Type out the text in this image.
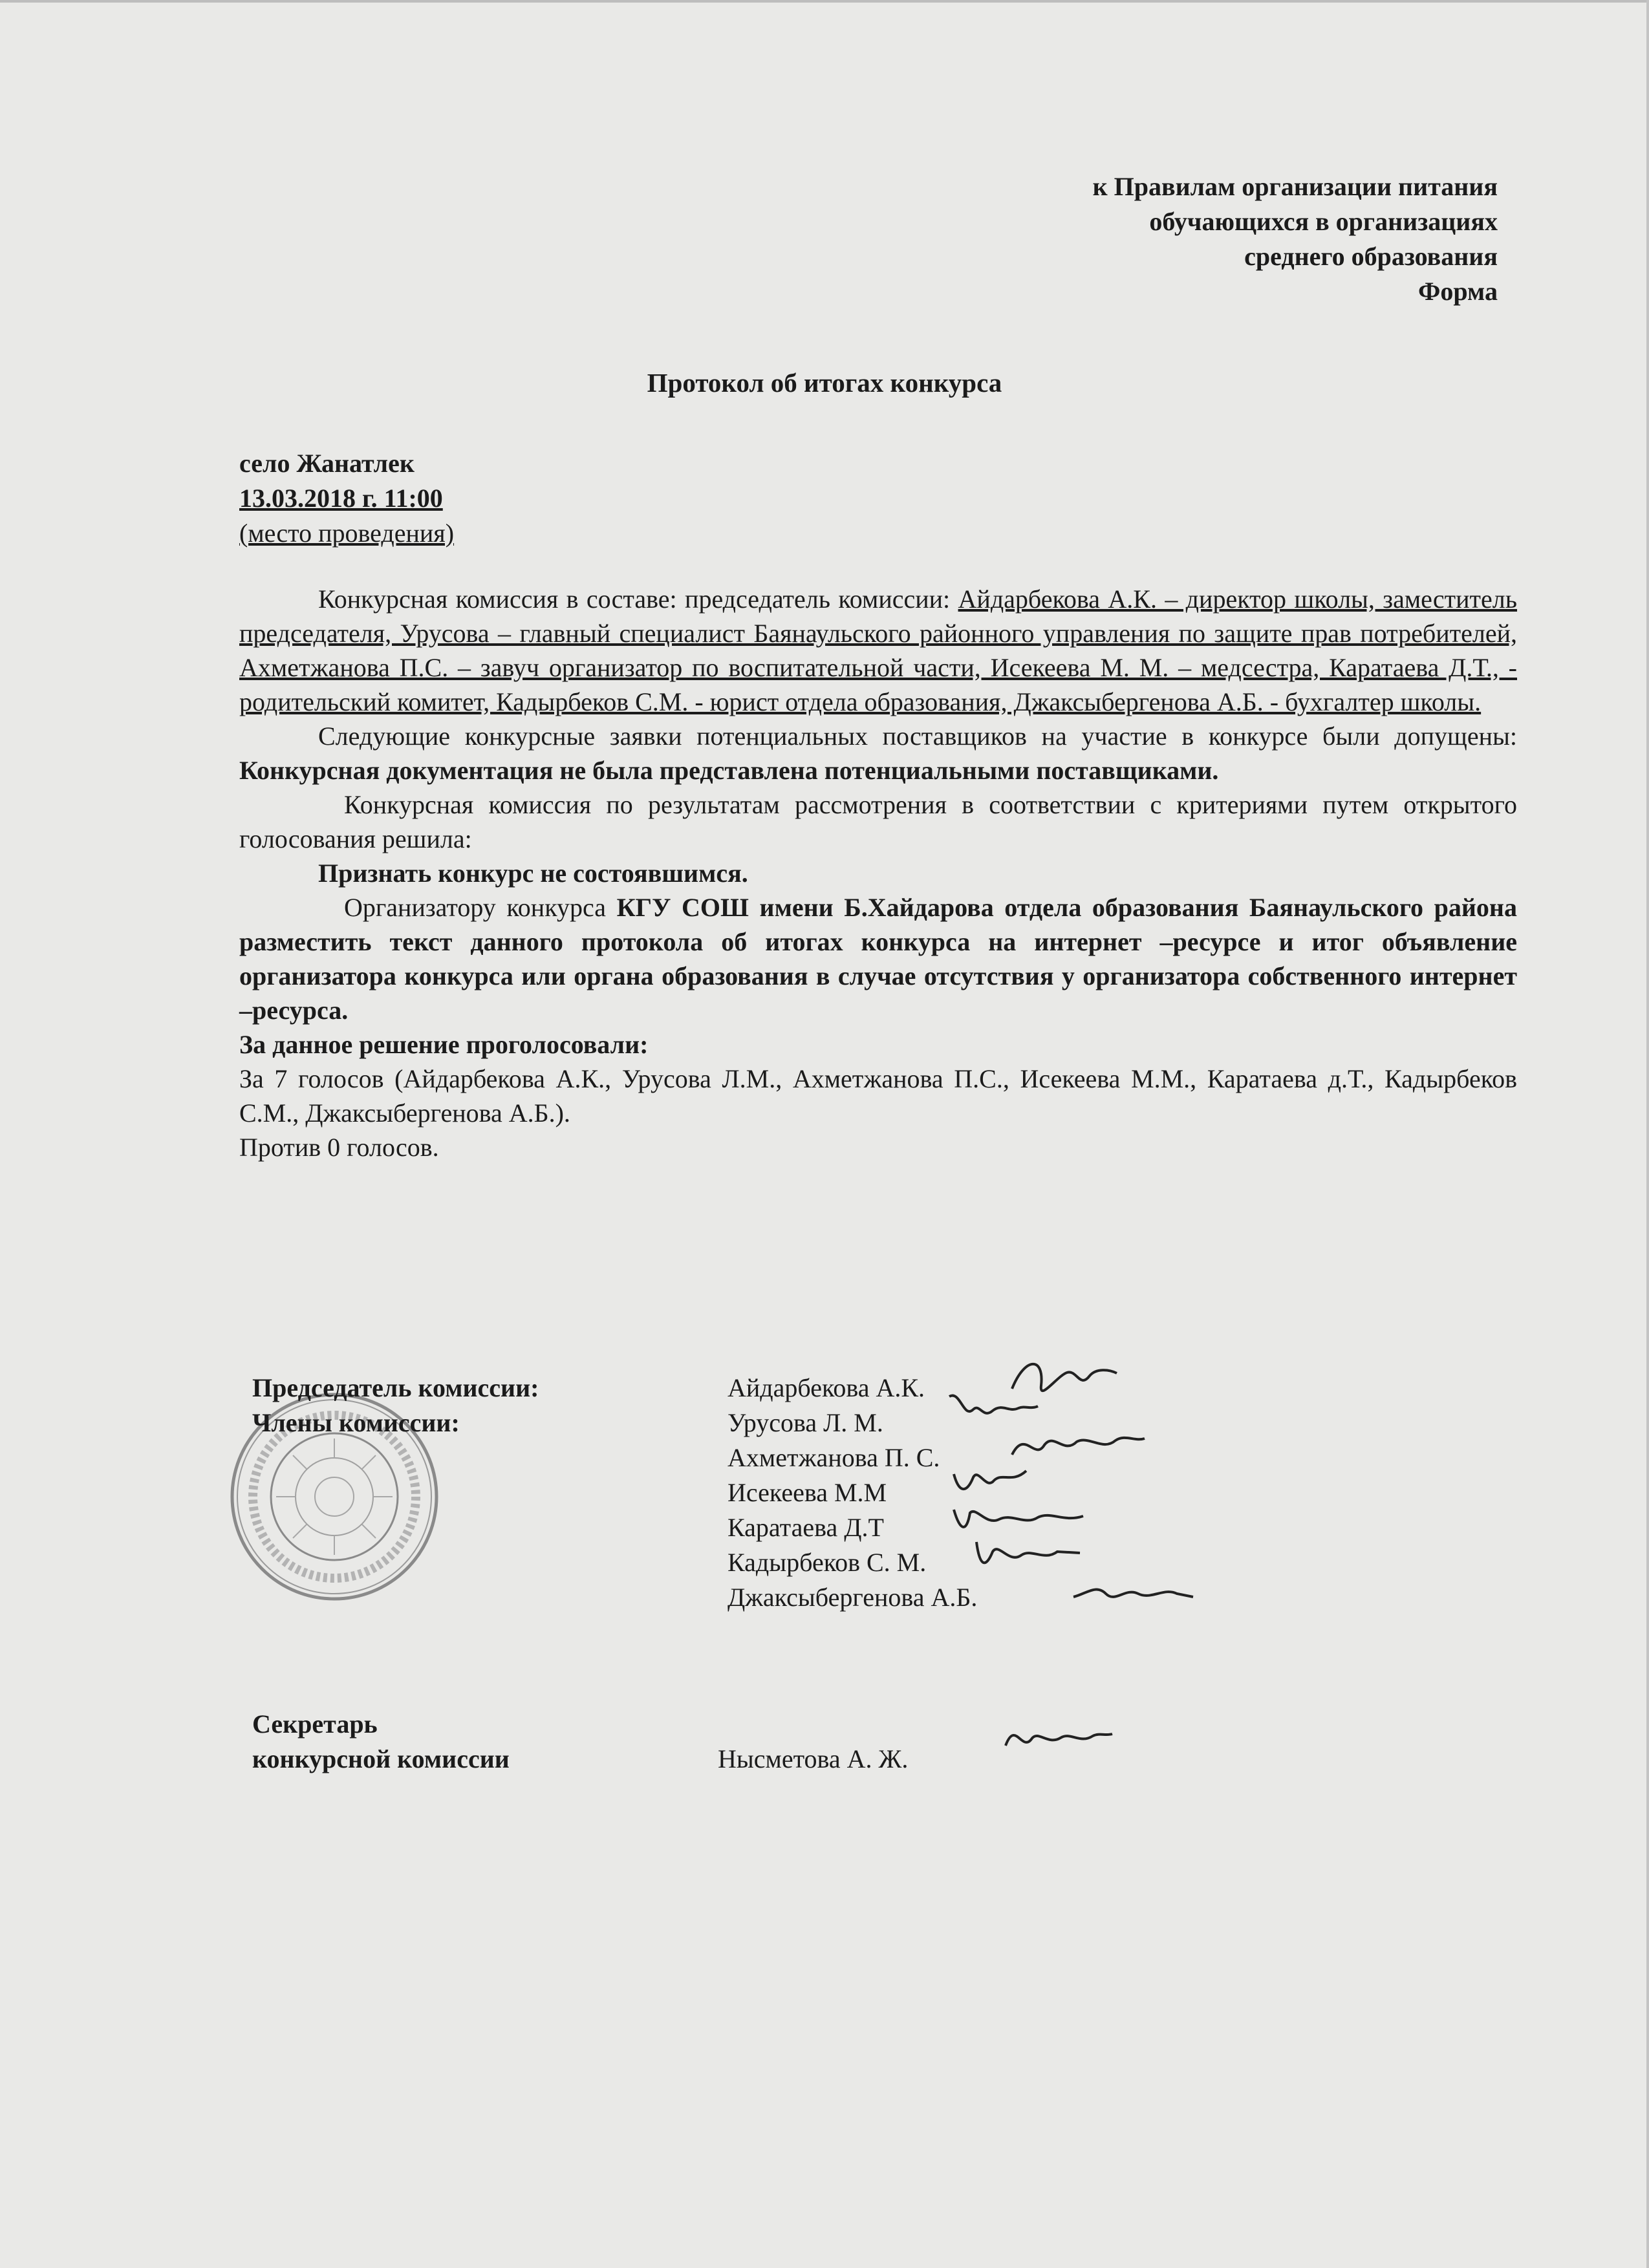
к Правилам организации питания
обучающихся в организациях
среднего образования
Форма
Протокол об итогах конкурса
село Жанатлек
13.03.2018 г. 11:00
(место проведения)

Конкурсная комиссия в составе: председатель комиссии: Айдарбекова А.К. – директор школы, заместитель председателя, Урусова – главный специалист Баянаульского районного управления по защите прав потребителей, Ахметжанова П.С. – завуч организатор по воспитательной части, Исекеева М. М. – медсестра, Каратаева Д.Т., - родительский комитет, Кадырбеков С.М. - юрист отдела образования, Джаксыбергенова А.Б. - бухгалтер школы.

Следующие конкурсные заявки потенциальных поставщиков на участие в конкурсе были допущены: Конкурсная документация не была представлена потенциальными поставщиками.

Конкурсная комиссия по результатам рассмотрения в соответствии с критериями путем открытого голосования решила:

Признать конкурс не состоявшимся.

Организатору конкурса КГУ СОШ имени Б.Хайдарова отдела образования Баянаульского района разместить текст данного протокола об итогах конкурса на интернет –ресурсе и итог объявление организатора конкурса или органа образования в случае отсутствия у организатора собственного интернет –ресурса.

За данное решение проголосовали:

За 7 голосов (Айдарбекова А.К., Урусова Л.М., Ахметжанова П.С., Исекеева М.М., Каратаева д.Т., Кадырбеков С.М., Джаксыбергенова А.Б.).

Против 0 голосов.

Председатель комиссии:	Айдарбекова А.К.
Члены комиссии:	Урусова Л. М.
Ахметжанова П. С.
Исекеева М.М
Каратаева Д.Т
Кадырбеков С. М.
Джаксыбергенова А.Б.
Секретарь
конкурсной комиссии	Нысметова А. Ж.
